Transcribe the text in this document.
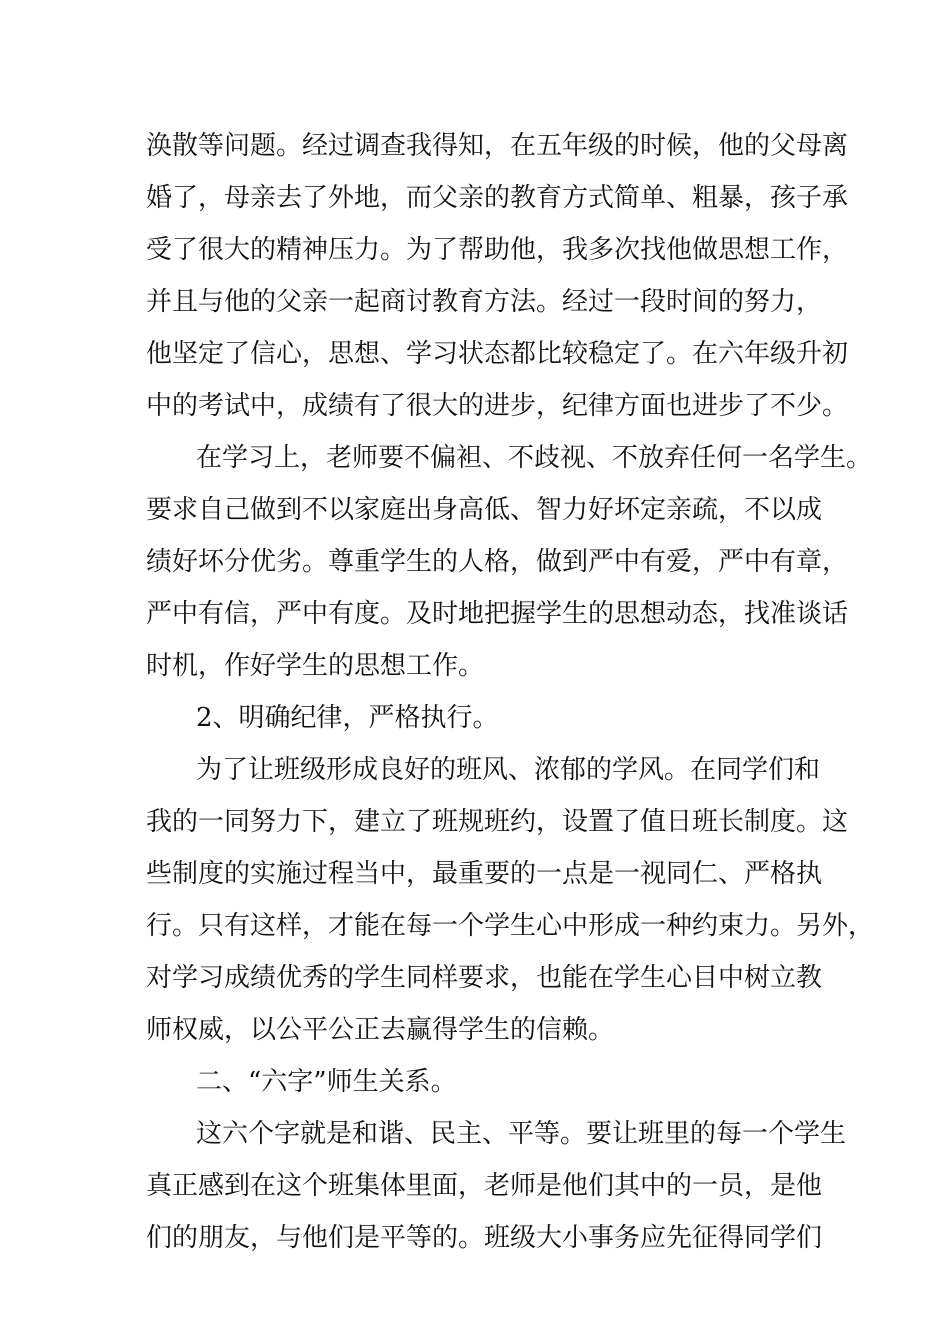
涣散等问题。经过调查我得知，在五年级的时候，他的父母离
婚了，母亲去了外地，而父亲的教育方式简单、粗暴，孩子承
受了很大的精神压力。为了帮助他，我多次找他做思想工作，
并且与他的父亲一起商讨教育方法。经过一段时间的努力，
他坚定了信心，思想、学习状态都比较稳定了。在六年级升初
中的考试中，成绩有了很大的进步，纪律方面也进步了不少。
在学习上，老师要不偏袒、不歧视、不放弃任何一名学生。
要求自己做到不以家庭出身高低、智力好坏定亲疏，不以成
绩好坏分优劣。尊重学生的人格，做到严中有爱，严中有章，
严中有信，严中有度。及时地把握学生的思想动态，找准谈话
时机，作好学生的思想工作。
2、明确纪律，严格执行。
为了让班级形成良好的班风、浓郁的学风。在同学们和
我的一同努力下，建立了班规班约，设置了值日班长制度。这
些制度的实施过程当中，最重要的一点是一视同仁、严格执
行。只有这样，才能在每一个学生心中形成一种约束力。另外，
对学习成绩优秀的学生同样要求，也能在学生心目中树立教
师权威，以公平公正去赢得学生的信赖。
二、“六字”师生关系。
这六个字就是和谐、民主、平等。要让班里的每一个学生
真正感到在这个班集体里面，老师是他们其中的一员，是他
们的朋友，与他们是平等的。班级大小事务应先征得同学们
